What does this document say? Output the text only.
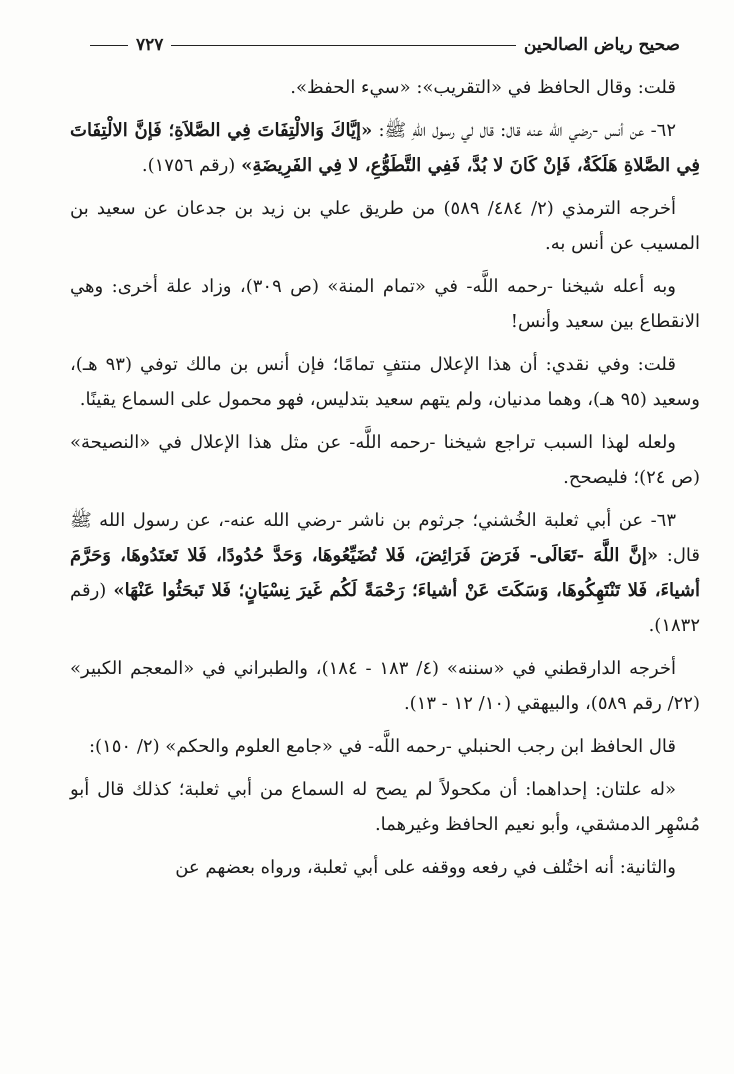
صحيح رياض الصالحين
٧٢٧

قلت: وقال الحافظ في «التقريب»: «سيء الحفظ».

٦٢- عن أنس -رضي الله عنه قال: قال لي رسول اللهِ ﷺ: «إيَّاكَ وَالالْتِفَاتَ فِي الصَّلاَةِ؛ فَإنَّ الالْتِفَاتَ فِي الصَّلاةِ هَلَكَةٌ، فَإنْ كَانَ لا بُدَّ، فَفِي التَّطَوُّعِ، لا فِي الفَرِيضَةِ» (رقم ١٧٥٦).

أخرجه الترمذي (٢/ ٤٨٤/ ٥٨٩) من طريق علي بن زيد بن جدعان عن سعيد بن المسيب عن أنس به.

وبه أعله شيخنا -رحمه اللَّه- في «تمام المنة» (ص ٣٠٩)، وزاد علة أخرى: وهي الانقطاع بين سعيد وأنس!

قلت: وفي نقدي: أن هذا الإعلال منتفٍ تمامًا؛ فإن أنس بن مالك توفي (٩٣ هـ)، وسعيد (٩٥ هـ)، وهما مدنيان، ولم يتهم سعيد بتدليس، فهو محمول على السماع يقينًا.

ولعله لهذا السبب تراجع شيخنا -رحمه اللَّه- عن مثل هذا الإعلال في «النصيحة» (ص ٢٤)؛ فليصحح.

٦٣- عن أبي ثعلبة الخُشني؛ جرثوم بن ناشر -رضي الله عنه-، عن رسول الله ﷺ قال: «إنَّ اللَّهَ -تَعَالَى- فَرَضَ فَرَائِضَ، فَلا تُضَيِّعُوهَا، وَحَدَّ حُدُودًا، فَلا تَعتَدُوهَا، وَحَرَّمَ أشياءَ، فَلا تَنْتَهِكُوهَا، وَسَكَتَ عَنْ أشياءَ؛ رَحْمَةً لَكُم غَيرَ نِسْيَانٍ؛ فَلا تَبحَثُوا عَنْهَا» (رقم ١٨٣٢).

أخرجه الدارقطني في «سننه» (٤/ ١٨٣ - ١٨٤)، والطبراني في «المعجم الكبير» (٢٢/ رقم ٥٨٩)، والبيهقي (١٠/ ١٢ - ١٣).

قال الحافظ ابن رجب الحنبلي -رحمه اللَّه- في «جامع العلوم والحكم» (٢/ ١٥٠):

«له علتان: إحداهما: أن مكحولاً لم يصح له السماع من أبي ثعلبة؛ كذلك قال أبو مُسْهِر الدمشقي، وأبو نعيم الحافظ وغيرهما.

والثانية: أنه اختُلف في رفعه ووقفه على أبي ثعلبة، ورواه بعضهم عن
